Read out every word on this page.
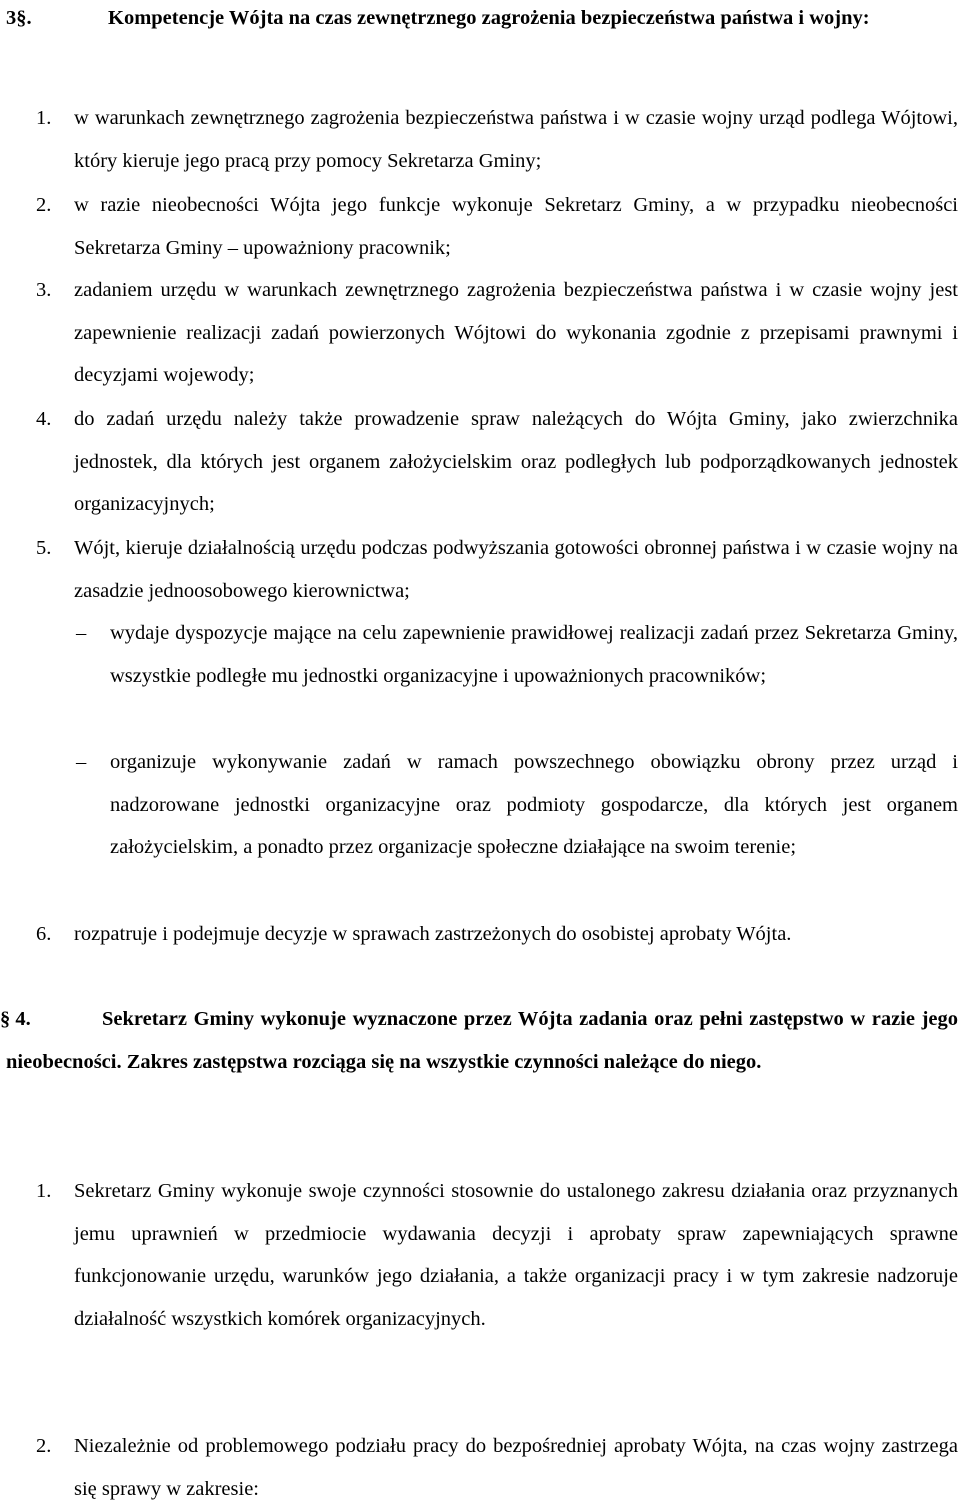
3§.	Kompetencje Wójta na czas zewnętrznego zagrożenia bezpieczeństwa państwa i wojny:
1. w warunkach zewnętrznego zagrożenia bezpieczeństwa państwa i w czasie wojny urząd podlega Wójtowi, który kieruje jego pracą przy pomocy Sekretarza Gminy;
2. w razie nieobecności Wójta jego funkcje wykonuje Sekretarz Gminy, a w przypadku nieobecności Sekretarza Gminy – upoważniony pracownik;
3. zadaniem urzędu w warunkach zewnętrznego zagrożenia bezpieczeństwa państwa i w czasie wojny jest zapewnienie realizacji zadań powierzonych Wójtowi do wykonania zgodnie z przepisami prawnymi i decyzjami wojewody;
4. do zadań urzędu należy także prowadzenie spraw należących do Wójta Gminy, jako zwierzchnika jednostek, dla których jest organem założycielskim oraz podległych lub podporządkowanych jednostek organizacyjnych;
5. Wójt, kieruje działalnością urzędu podczas podwyższania gotowości obronnej państwa i w czasie wojny na zasadzie jednoosobowego kierownictwa;
– wydaje dyspozycje mające na celu zapewnienie prawidłowej realizacji zadań przez Sekretarza Gminy, wszystkie podległe mu jednostki organizacyjne i upoważnionych pracowników;
– organizuje wykonywanie zadań w ramach powszechnego obowiązku obrony przez urząd i nadzorowane jednostki organizacyjne oraz podmioty gospodarcze, dla których jest organem założycielskim, a ponadto przez organizacje społeczne działające na swoim terenie;
6. rozpatruje i podejmuje decyzje w sprawach zastrzeżonych do osobistej aprobaty Wójta.
§ 4.	Sekretarz Gminy wykonuje wyznaczone przez Wójta zadania oraz pełni zastępstwo w razie jego nieobecności. Zakres zastępstwa rozciąga się na wszystkie czynności należące do niego.
1. Sekretarz Gminy wykonuje swoje czynności stosownie do ustalonego zakresu działania oraz przyznanych jemu uprawnień w przedmiocie wydawania decyzji i aprobaty spraw zapewniających sprawne funkcjonowanie urzędu, warunków jego działania, a także organizacji pracy i w tym zakresie nadzoruje działalność wszystkich komórek organizacyjnych.
2. Niezależnie od problemowego podziału pracy do bezpośredniej aprobaty Wójta, na czas wojny zastrzega się sprawy w zakresie:
